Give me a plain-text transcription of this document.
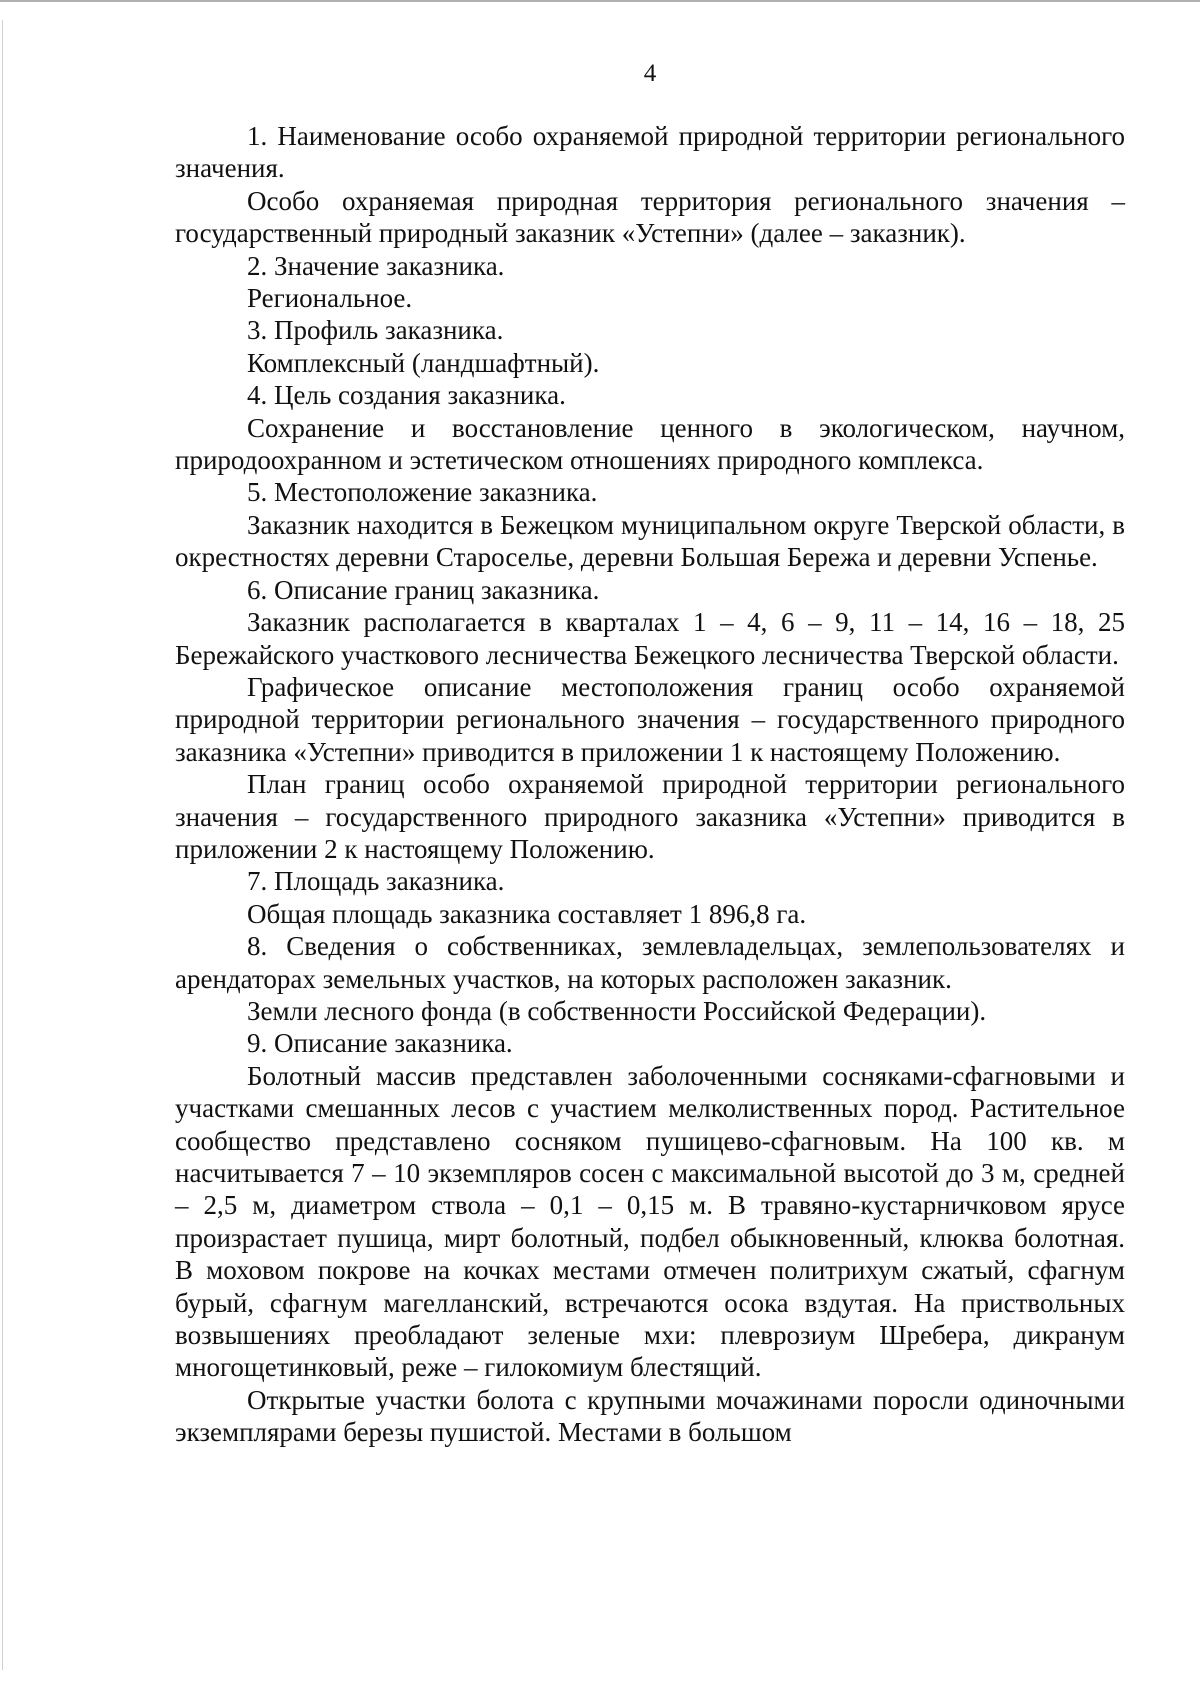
4

1. Наименование особо охраняемой природной территории регионального значения.

Особо охраняемая природная территория регионального значения – государственный природный заказник «Устепни» (далее – заказник).

2. Значение заказника.

Региональное.

3. Профиль заказника.

Комплексный (ландшафтный).

4. Цель создания заказника.

Сохранение и восстановление ценного в экологическом, научном, природоохранном и эстетическом отношениях природного комплекса.

5. Местоположение заказника.

Заказник находится в Бежецком муниципальном округе Тверской области, в окрестностях деревни Староселье, деревни Большая Бережа и деревни Успенье.

6. Описание границ заказника.

Заказник располагается в кварталах 1 – 4, 6 – 9, 11 – 14, 16 – 18, 25 Бережайского участкового лесничества Бежецкого лесничества Тверской области.

Графическое описание местоположения границ особо охраняемой природной территории регионального значения – государственного природного заказника «Устепни» приводится в приложении 1 к настоящему Положению.

План границ особо охраняемой природной территории регионального значения – государственного природного заказника «Устепни» приводится в приложении 2 к настоящему Положению.

7. Площадь заказника.

Общая площадь заказника составляет 1 896,8 га.

8. Сведения о собственниках, землевладельцах, землепользователях и арендаторах земельных участков, на которых расположен заказник.

Земли лесного фонда (в собственности Российской Федерации).

9. Описание заказника.

Болотный массив представлен заболоченными сосняками-сфагновыми и участками смешанных лесов с участием мелколиственных пород. Растительное сообщество представлено сосняком пушицево-сфагновым. На 100 кв. м насчитывается 7 – 10 экземпляров сосен с максимальной высотой до 3 м, средней – 2,5 м, диаметром ствола – 0,1 – 0,15 м. В травяно-кустарничковом ярусе произрастает пушица, мирт болотный, подбел обыкновенный, клюква болотная. В моховом покрове на кочках местами отмечен политрихум сжатый, сфагнум бурый, сфагнум магелланский, встречаются осока вздутая. На приствольных возвышениях преобладают зеленые мхи: плеврозиум Шребера, дикранум многощетинковый, реже – гилокомиум блестящий.

Открытые участки болота с крупными мочажинами поросли одиночными экземплярами березы пушистой. Местами в большом
